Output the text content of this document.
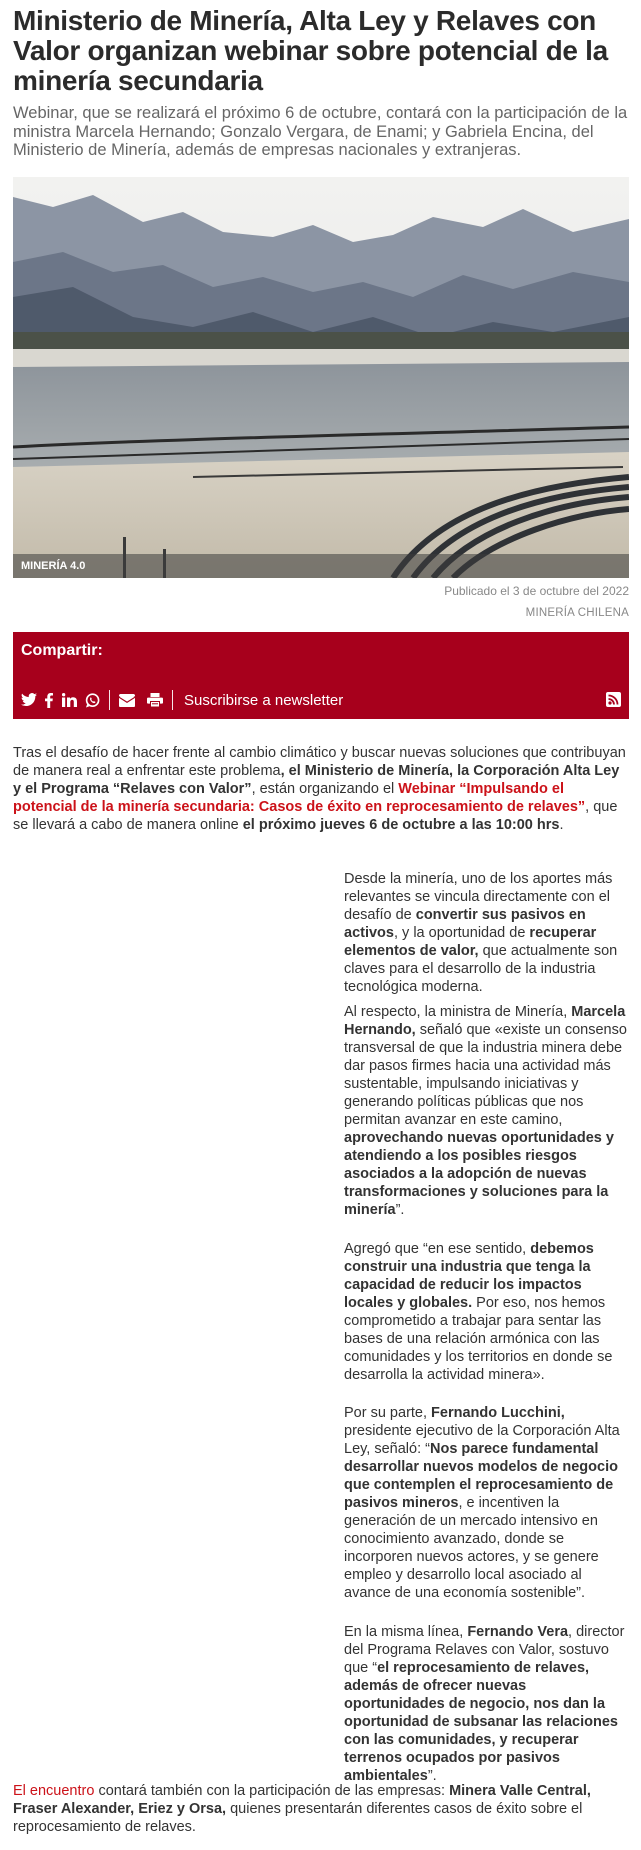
Ministerio de Minería, Alta Ley y Relaves con Valor organizan webinar sobre potencial de la minería secundaria

Webinar, que se realizará el próximo 6 de octubre, contará con la participación de la ministra Marcela Hernando; Gonzalo Vergara, de Enami; y Gabriela Encina, del Ministerio de Minería, además de empresas nacionales y extranjeras.

MINERÍA 4.0
Publicado el 3 de octubre del 2022
MINERÍA CHILENA
Compartir:
Suscribirse a newsletter

Tras el desafío de hacer frente al cambio climático y buscar nuevas soluciones que contribuyan de manera real a enfrentar este problema, el Ministerio de Minería, la Corporación Alta Ley y el Programa “Relaves con Valor”, están organizando el Webinar “Impulsando el potencial de la minería secundaria: Casos de éxito en reprocesamiento de relaves”, que se llevará a cabo de manera online el próximo jueves 6 de octubre a las 10:00 hrs.

Desde la minería, uno de los aportes más relevantes se vincula directamente con el desafío de convertir sus pasivos en activos, y la oportunidad de recuperar elementos de valor, que actualmente son claves para el desarrollo de la industria tecnológica moderna.

Al respecto, la ministra de Minería, Marcela Hernando, señaló que «existe un consenso transversal de que la industria minera debe dar pasos firmes hacia una actividad más sustentable, impulsando iniciativas y generando políticas públicas que nos permitan avanzar en este camino, aprovechando nuevas oportunidades y atendiendo a los posibles riesgos asociados a la adopción de nuevas transformaciones y soluciones para la minería”.

Agregó que “en ese sentido, debemos construir una industria que tenga la capacidad de reducir los impactos locales y globales. Por eso, nos hemos comprometido a trabajar para sentar las bases de una relación armónica con las comunidades y los territorios en donde se desarrolla la actividad minera».

Por su parte, Fernando Lucchini, presidente ejecutivo de la Corporación Alta Ley, señaló: “Nos parece fundamental desarrollar nuevos modelos de negocio que contemplen el reprocesamiento de pasivos mineros, e incentiven la generación de un mercado intensivo en conocimiento avanzado, donde se incorporen nuevos actores, y se genere empleo y desarrollo local asociado al avance de una economía sostenible”.

En la misma línea, Fernando Vera, director del Programa Relaves con Valor, sostuvo que “el reprocesamiento de relaves, además de ofrecer nuevas oportunidades de negocio, nos dan la oportunidad de subsanar las relaciones con las comunidades, y recuperar terrenos ocupados por pasivos ambientales”.

El encuentro contará también con la participación de las empresas: Minera Valle Central, Fraser Alexander, Eriez y Orsa, quienes presentarán diferentes casos de éxito sobre el reprocesamiento de relaves.
